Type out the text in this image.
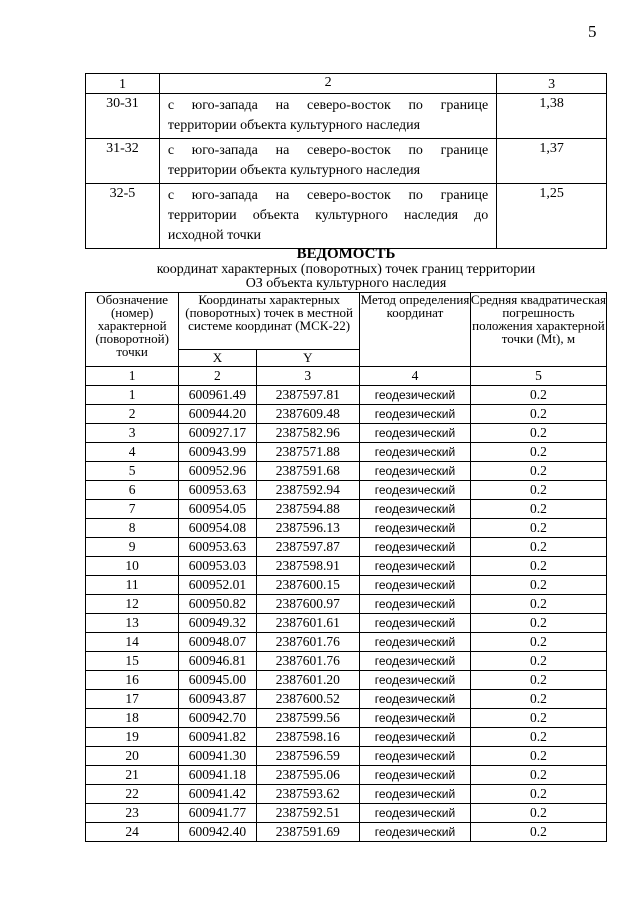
5
1	2	3
30-31	с юго-запада на северо-восток по границе территории объекта культурного наследия	1,38
31-32	с юго-запада на северо-восток по границе территории объекта культурного наследия	1,37
32-5	с юго-запада на северо-восток по границе территории объекта культурного наследия до исходной точки	1,25
ВЕДОМОСТЬ
координат характерных (поворотных) точек границ территории
ОЗ объекта культурного наследия
Обозначение (номер) характерной (поворотной) точки	Координаты характерных (поворотных) точек в местной системе координат (МСК-22)		Метод определения координат	Средняя квадратическая погрешность положения характерной точки (Mt), м
	X	Y		
1	2	3	4	5
1	600961.49	2387597.81	геодезический	0.2
2	600944.20	2387609.48	геодезический	0.2
3	600927.17	2387582.96	геодезический	0.2
4	600943.99	2387571.88	геодезический	0.2
5	600952.96	2387591.68	геодезический	0.2
6	600953.63	2387592.94	геодезический	0.2
7	600954.05	2387594.88	геодезический	0.2
8	600954.08	2387596.13	геодезический	0.2
9	600953.63	2387597.87	геодезический	0.2
10	600953.03	2387598.91	геодезический	0.2
11	600952.01	2387600.15	геодезический	0.2
12	600950.82	2387600.97	геодезический	0.2
13	600949.32	2387601.61	геодезический	0.2
14	600948.07	2387601.76	геодезический	0.2
15	600946.81	2387601.76	геодезический	0.2
16	600945.00	2387601.20	геодезический	0.2
17	600943.87	2387600.52	геодезический	0.2
18	600942.70	2387599.56	геодезический	0.2
19	600941.82	2387598.16	геодезический	0.2
20	600941.30	2387596.59	геодезический	0.2
21	600941.18	2387595.06	геодезический	0.2
22	600941.42	2387593.62	геодезический	0.2
23	600941.77	2387592.51	геодезический	0.2
24	600942.40	2387591.69	геодезический	0.2
